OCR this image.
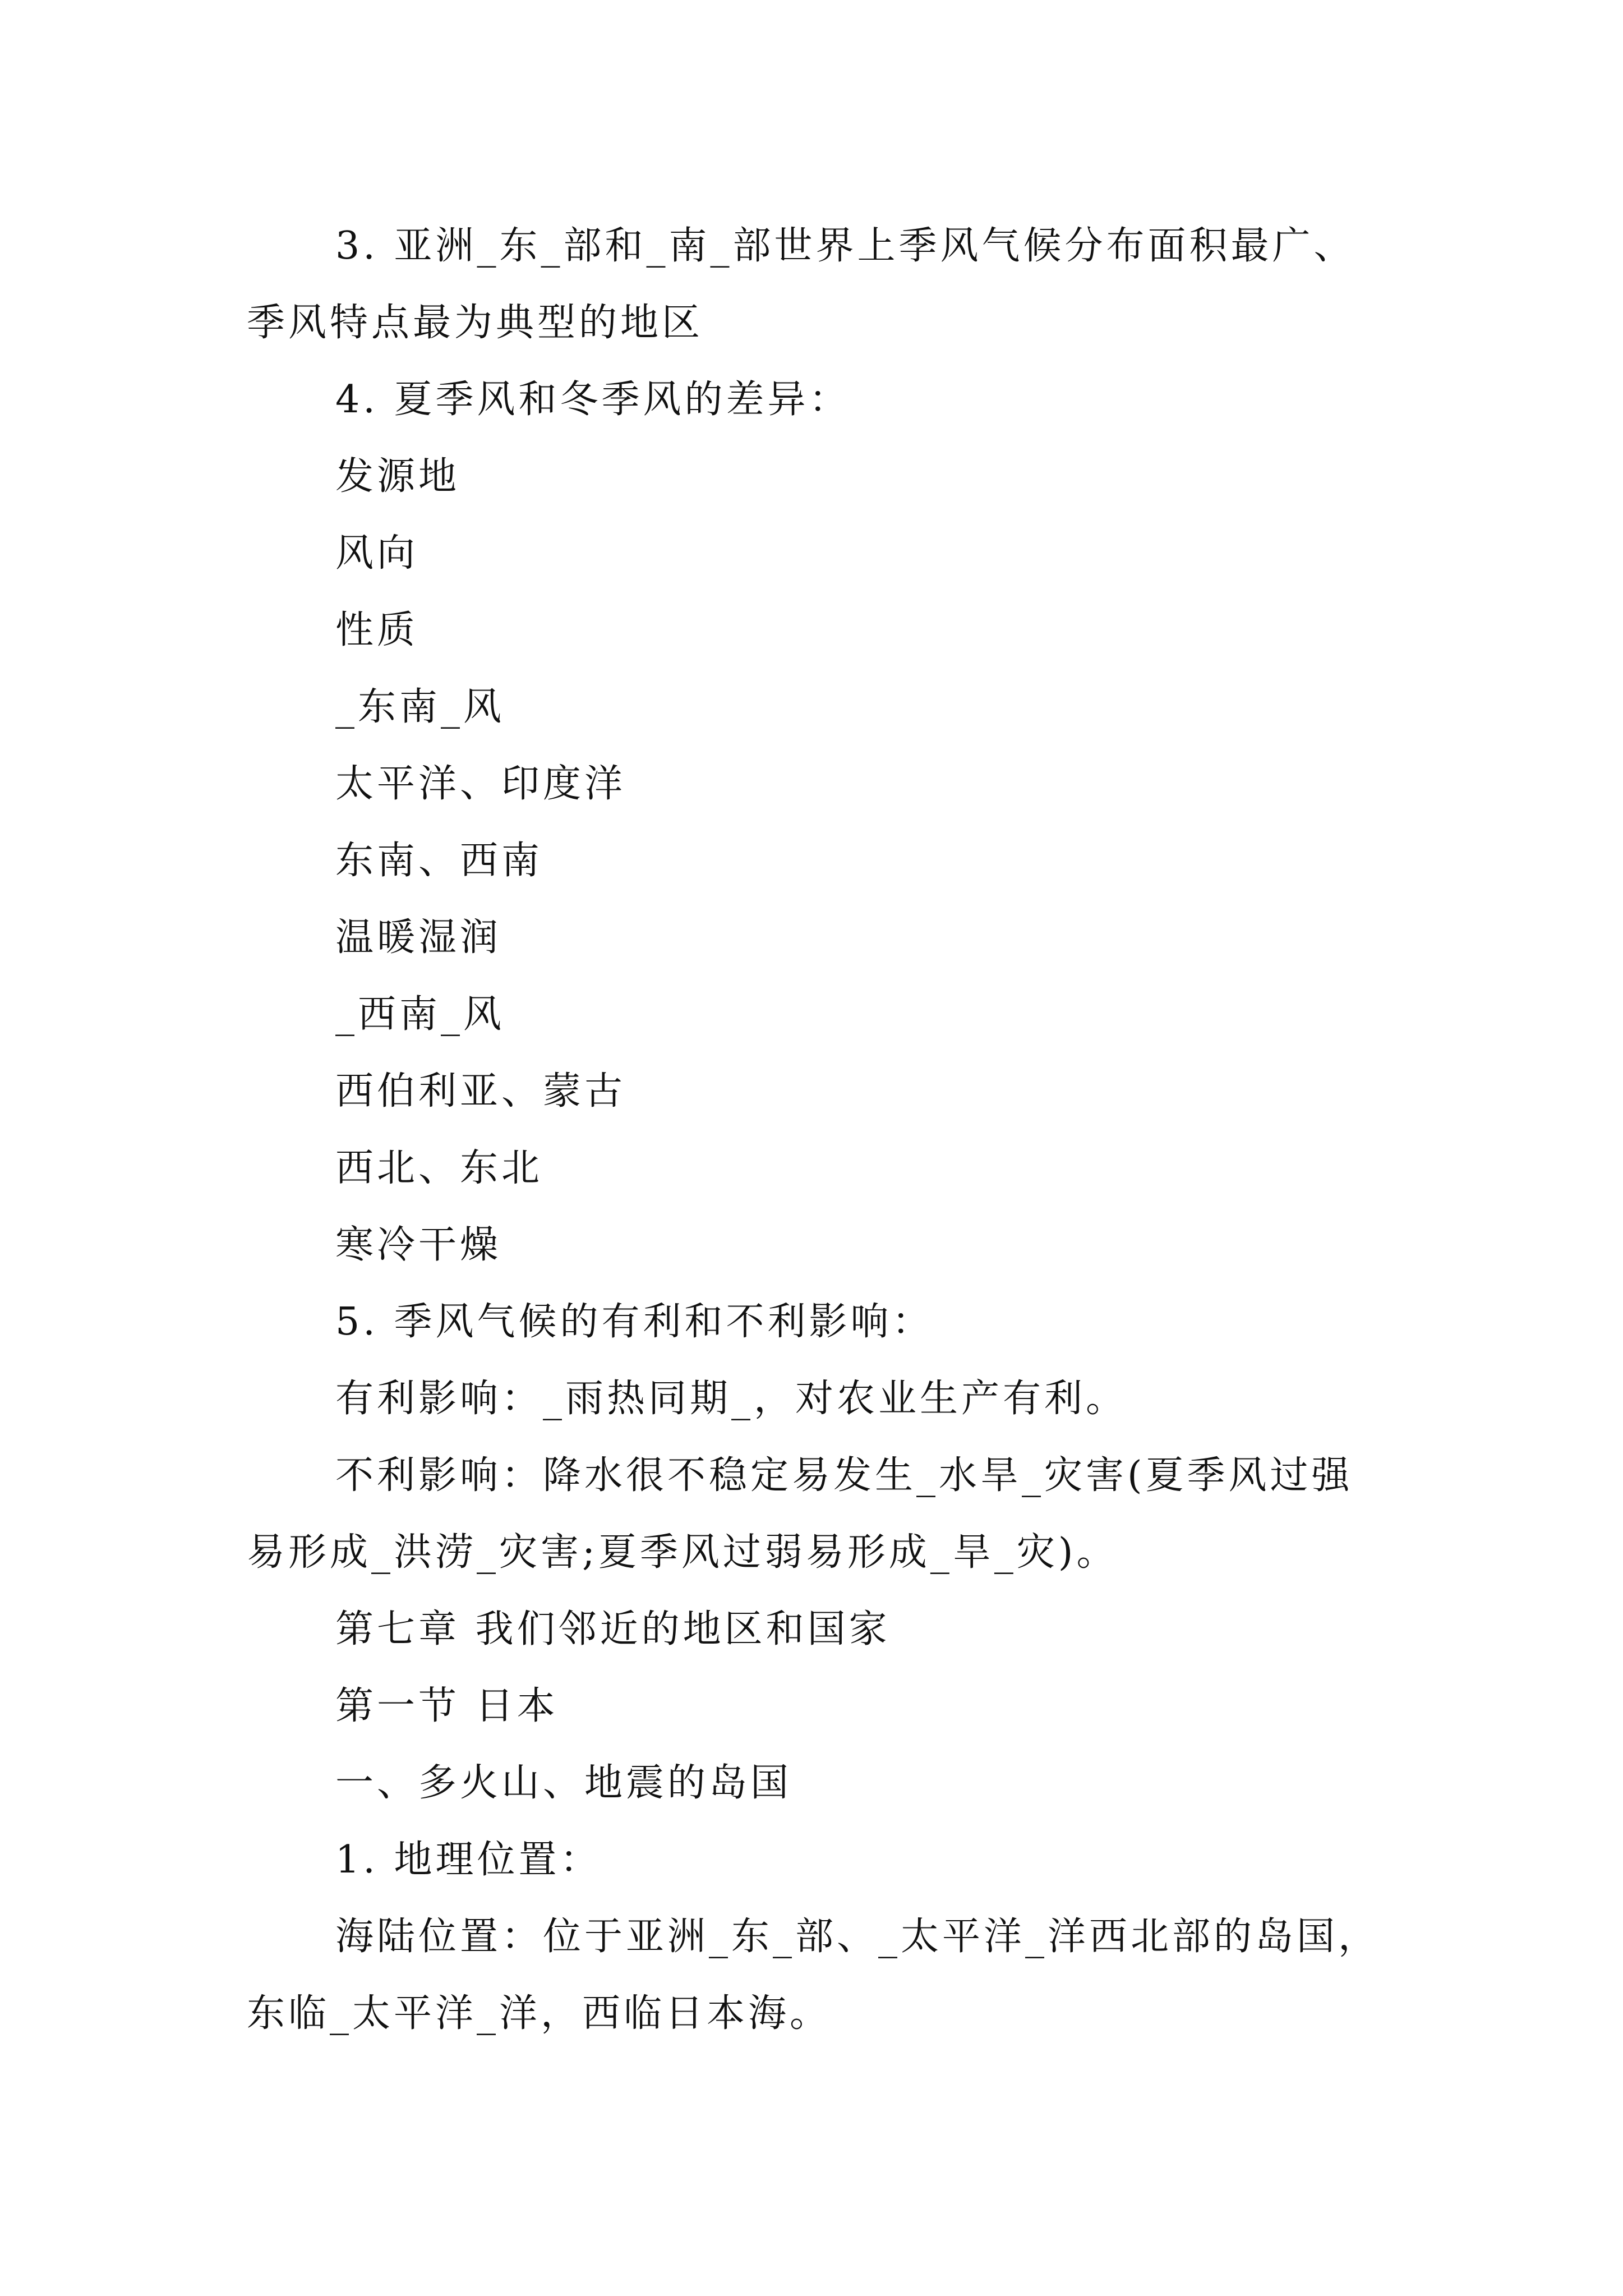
3. 亚洲_东_部和_南_部世界上季风气候分布面积最广、季风特点最为典型的地区

4. 夏季风和冬季风的差异：

发源地

风向

性质

_东南_风

太平洋、印度洋

东南、西南

温暖湿润

_西南_风

西伯利亚、蒙古

西北、东北

寒冷干燥

5. 季风气候的有利和不利影响：

有利影响：_雨热同期_，对农业生产有利。

不利影响：降水很不稳定易发生_水旱_灾害(夏季风过强易形成_洪涝_灾害;夏季风过弱易形成_旱_灾)。

第七章 我们邻近的地区和国家

第一节 日本

一、多火山、地震的岛国

1. 地理位置：

海陆位置：位于亚洲_东_部、_太平洋_洋西北部的岛国，东临_太平洋_洋，西临日本海。
